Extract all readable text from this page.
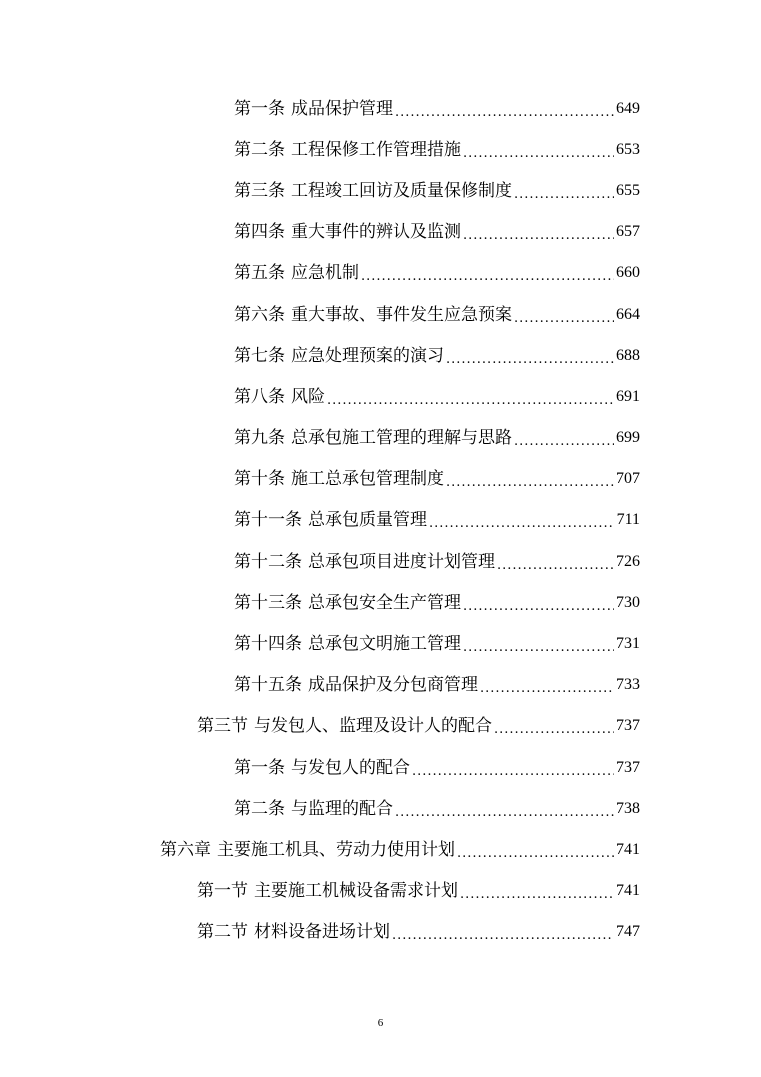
第一条 成品保护管理 .....	649
第二条 工程保修工作管理措施 .....	653
第三条 工程竣工回访及质量保修制度 .....	655
第四条 重大事件的辨认及监测 .....	657
第五条 应急机制 .....	660
第六条 重大事故、事件发生应急预案 .....	664
第七条 应急处理预案的演习 .....	688
第八条 风险 .....	691
第九条 总承包施工管理的理解与思路 .....	699
第十条 施工总承包管理制度 .....	707
第十一条 总承包质量管理 .....	711
第十二条 总承包项目进度计划管理 .....	726
第十三条 总承包安全生产管理 .....	730
第十四条 总承包文明施工管理 .....	731
第十五条 成品保护及分包商管理 .....	733
第三节 与发包人、监理及设计人的配合 .....	737
第一条 与发包人的配合 .....	737
第二条 与监理的配合 .....	738
第六章 主要施工机具、劳动力使用计划 .....	741
第一节 主要施工机械设备需求计划 .....	741
第二节 材料设备进场计划 .....	747
6
